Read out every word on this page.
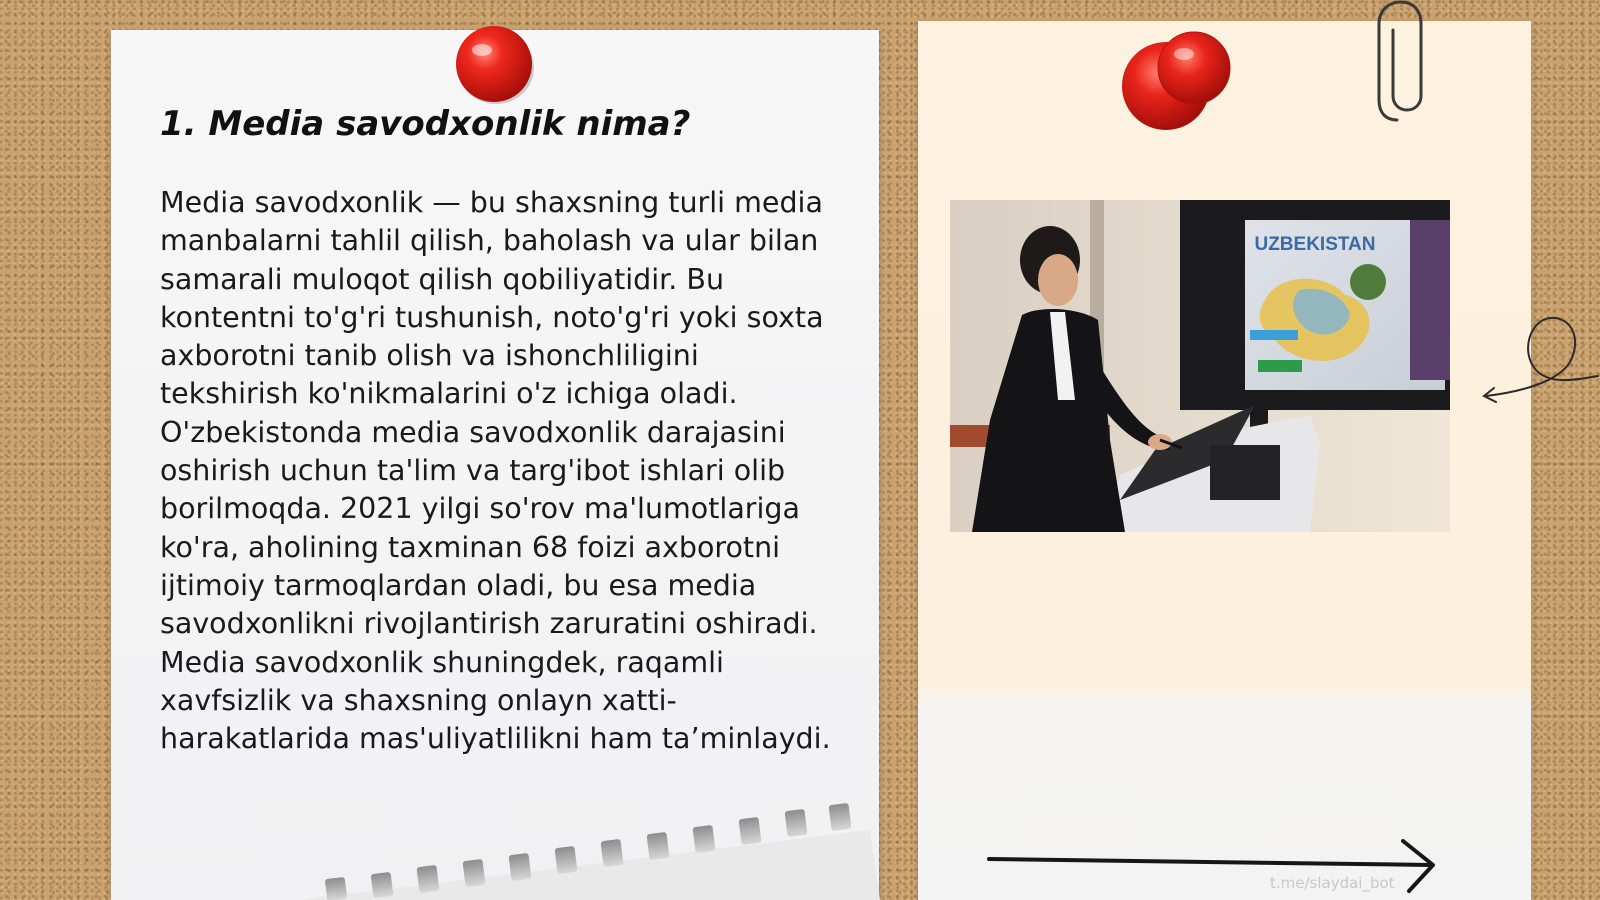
1. Media savodxonlik nima?

Media savodxonlik — bu shaxsning turli media manbalarni tahlil qilish, baholash va ular bilan samarali muloqot qilish qobiliyatidir. Bu kontentni to'g'ri tushunish, noto'g'ri yoki soxta axborotni tanib olish va ishonchliligini tekshirish ko'nikmalarini o'z ichiga oladi. O'zbekistonda media savodxonlik darajasini oshirish uchun ta'lim va targ'ibot ishlari olib borilmoqda. 2021 yilgi so'rov ma'lumotlariga ko'ra, aholining taxminan 68 foizi axborotni ijtimoiy tarmoqlardan oladi, bu esa media savodxonlikni rivojlantirish zaruratini oshiradi. Media savodxonlik shuningdek, raqamli xavfsizlik va shaxsning onlayn xatti-harakatlarida mas'uliyatlilikni ham ta’minlaydi.

UZBEKISTAN
t.me/slaydai_bot
